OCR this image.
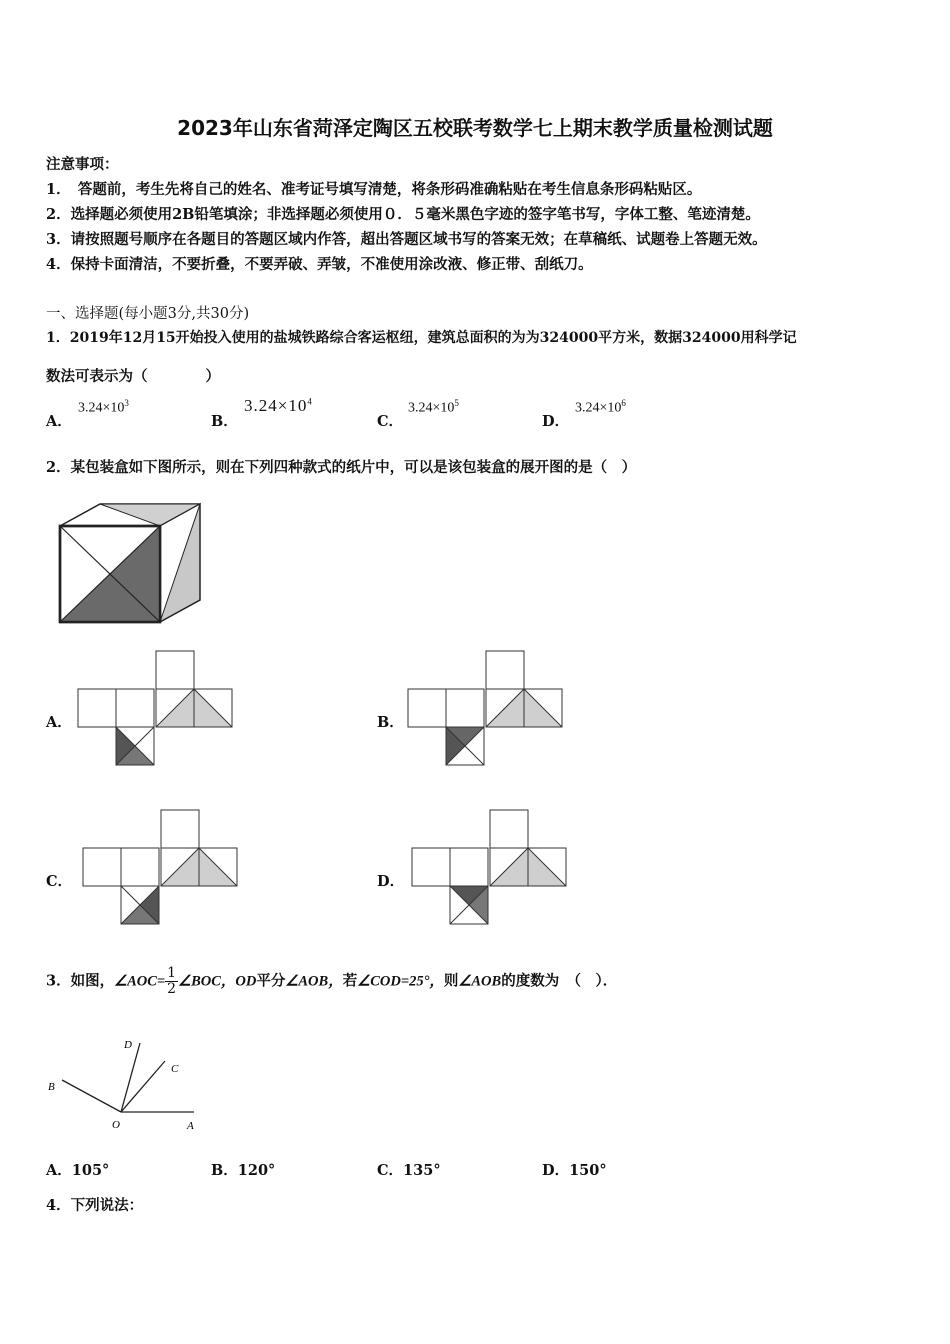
2023年山东省菏泽定陶区五校联考数学七上期末教学质量检测试题
注意事项：
1．　答题前，考生先将自己的姓名、准考证号填写清楚，将条形码准确粘贴在考生信息条形码粘贴区。
2．选择题必须使用2B铅笔填涂；非选择题必须使用０．５毫米黑色字迹的签字笔书写，字体工整、笔迹清楚。
3．请按照题号顺序在各题目的答题区域内作答，超出答题区域书写的答案无效；在草稿纸、试题卷上答题无效。
4．保持卡面清洁，不要折叠，不要弄破、弄皱，不准使用涂改液、修正带、刮纸刀。
一、选择题(每小题3分,共30分)
1．2019年12月15开始投入使用的盐城铁路综合客运枢纽，建筑总面积的为为324000平方米，数据324000用科学记
数法可表示为（　　　　）
A．
$3.24\times 10^3$
B．
$3.24\times 10^4$
C．
$3.24\times 10^5$
D．
$3.24\times 10^6$
2．某包装盒如下图所示，则在下列四种款式的纸片中，可以是该包装盒的展开图的是（　）
A．	B．
C．	D．
3．如图，∠AOC= $\frac{1}{2}$ ∠BOC，OD平分∠AOB，若∠COD=25°，则∠AOB的度数为　（　）．
D
C
B
O	A
A．105°	B．120°	C．135°	D．150°
4．下列说法：
